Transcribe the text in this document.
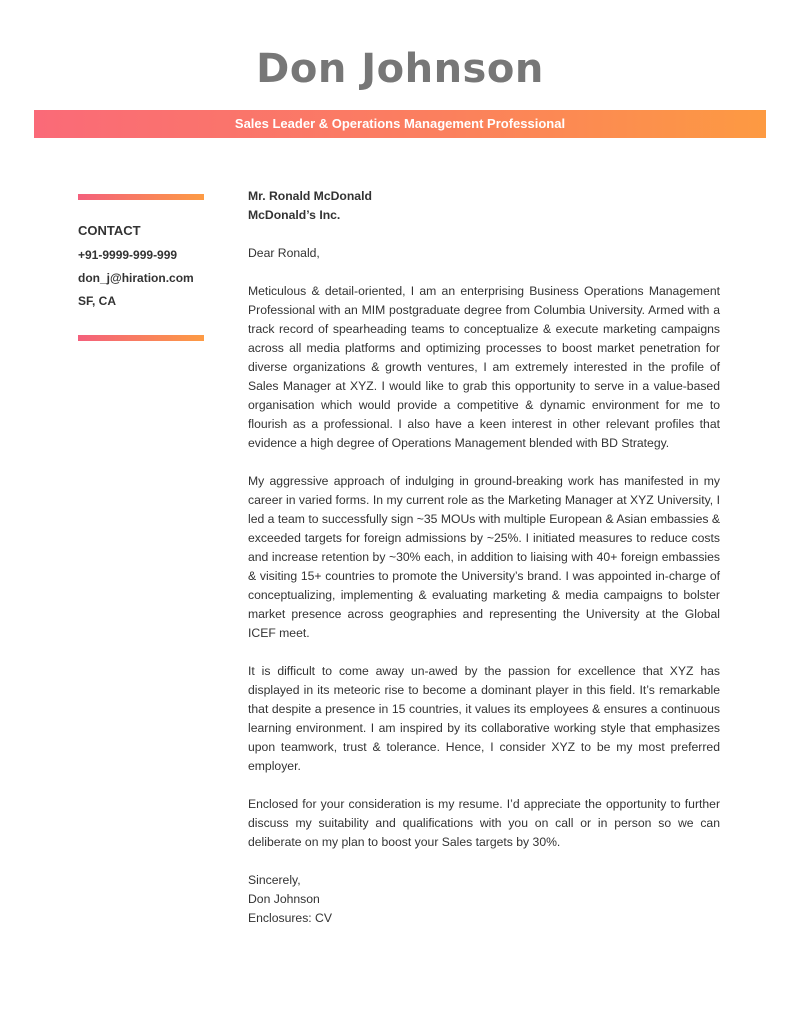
Don Johnson
Sales Leader & Operations Management Professional
CONTACT
+91-9999-999-999
don_j@hiration.com
SF, CA

Mr. Ronald McDonald

McDonald’s Inc.

Dear Ronald,

Meticulous & detail-oriented, I am an enterprising Business Operations Management Professional with an MIM postgraduate degree from Columbia University. Armed with a track record of spearheading teams to conceptualize & execute marketing campaigns across all media platforms and optimizing processes to boost market penetration for diverse organizations & growth ventures, I am extremely interested in the profile of Sales Manager at XYZ. I would like to grab this opportunity to serve in a value-based organisation which would provide a competitive & dynamic environment for me to flourish as a professional. I also have a keen interest in other relevant profiles that evidence a high degree of Operations Management blended with BD Strategy.

My aggressive approach of indulging in ground-breaking work has manifested in my career in varied forms. In my current role as the Marketing Manager at XYZ University, I led a team to successfully sign ~35 MOUs with multiple European & Asian embassies & exceeded targets for foreign admissions by ~25%. I initiated measures to reduce costs and increase retention by ~30% each, in addition to liaising with 40+ foreign embassies & visiting 15+ countries to promote the University’s brand. I was appointed in-charge of conceptualizing, implementing & evaluating marketing & media campaigns to bolster market presence across geographies and representing the University at the Global ICEF meet.

It is difficult to come away un-awed by the passion for excellence that XYZ has displayed in its meteoric rise to become a dominant player in this field. It’s remarkable that despite a presence in 15 countries, it values its employees & ensures a continuous learning environment. I am inspired by its collaborative working style that emphasizes upon teamwork, trust & tolerance. Hence, I consider XYZ to be my most preferred employer.

Enclosed for your consideration is my resume. I’d appreciate the opportunity to further discuss my suitability and qualifications with you on call or in person so we can deliberate on my plan to boost your Sales targets by 30%.

Sincerely,

Don Johnson

Enclosures: CV
